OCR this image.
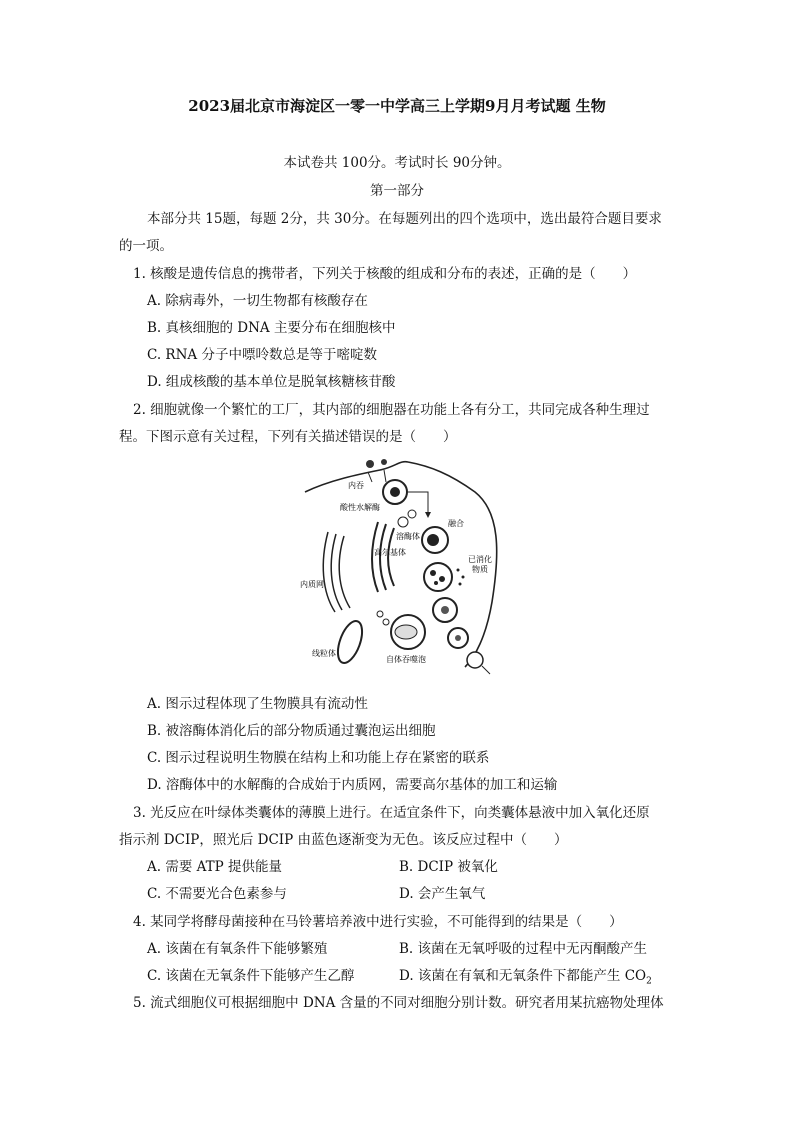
2023届北京市海淀区一零一中学高三上学期9月月考试题 生物
本试卷共 100分。考试时长 90分钟。
第一部分
本部分共 15题，每题 2分，共 30分。在每题列出的四个选项中，选出最符合题目要求
的一项。
1. 核酸是遗传信息的携带者，下列关于核酸的组成和分布的表述，正确的是（　　）
A. 除病毒外，一切生物都有核酸存在
B. 真核细胞的 DNA 主要分布在细胞核中
C. RNA 分子中嘌呤数总是等于嘧啶数
D. 组成核酸的基本单位是脱氧核糖核苷酸
2. 细胞就像一个繁忙的工厂，其内部的细胞器在功能上各有分工，共同完成各种生理过
程。下图示意有关过程，下列有关描述错误的是（　　）
内吞
酸性水解酶
融合
溶酶体
高尔基体
已消化
物质
内质网
线粒体
自体吞噬泡
A. 图示过程体现了生物膜具有流动性
B. 被溶酶体消化后的部分物质通过囊泡运出细胞
C. 图示过程说明生物膜在结构上和功能上存在紧密的联系
D. 溶酶体中的水解酶的合成始于内质网，需要高尔基体的加工和运输
3. 光反应在叶绿体类囊体的薄膜上进行。在适宜条件下，向类囊体悬液中加入氧化还原
指示剂 DCIP，照光后 DCIP 由蓝色逐渐变为无色。该反应过程中（　　）
A. 需要 ATP 提供能量	B. DCIP 被氧化
C. 不需要光合色素参与	D. 会产生氧气
4. 某同学将酵母菌接种在马铃薯培养液中进行实验，不可能得到的结果是（　　）
A. 该菌在有氧条件下能够繁殖	B. 该菌在无氧呼吸的过程中无丙酮酸产生
C. 该菌在无氧条件下能够产生乙醇	D. 该菌在有氧和无氧条件下都能产生 $CO_2$
5. 流式细胞仪可根据细胞中 DNA 含量的不同对细胞分别计数。研究者用某抗癌物处理体
